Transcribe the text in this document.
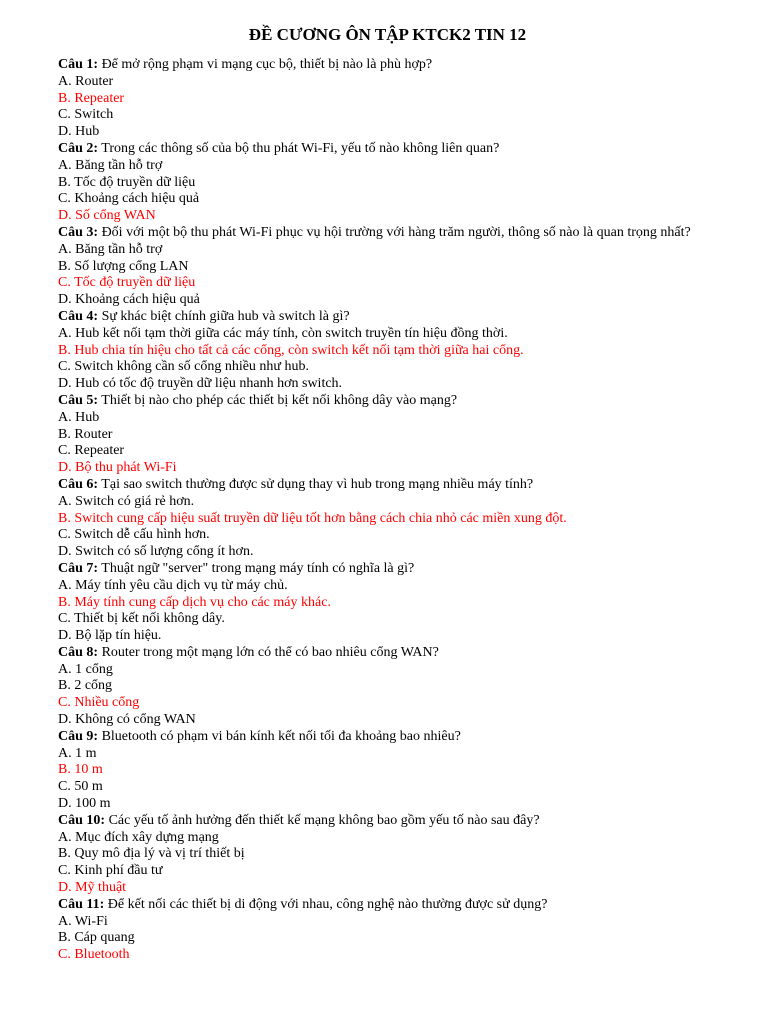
ĐỀ CƯƠNG ÔN TẬP KTCK2 TIN 12

Câu 1: Để mở rộng phạm vi mạng cục bộ, thiết bị nào là phù hợp?

A. Router

B. Repeater

C. Switch

D. Hub

Câu 2: Trong các thông số của bộ thu phát Wi-Fi, yếu tố nào không liên quan?

A. Băng tần hỗ trợ

B. Tốc độ truyền dữ liệu

C. Khoảng cách hiệu quả

D. Số cổng WAN

Câu 3: Đối với một bộ thu phát Wi-Fi phục vụ hội trường với hàng trăm người, thông số nào là quan trọng nhất?

A. Băng tần hỗ trợ

B. Số lượng cổng LAN

C. Tốc độ truyền dữ liệu

D. Khoảng cách hiệu quả

Câu 4: Sự khác biệt chính giữa hub và switch là gì?

A. Hub kết nối tạm thời giữa các máy tính, còn switch truyền tín hiệu đồng thời.

B. Hub chia tín hiệu cho tất cả các cổng, còn switch kết nối tạm thời giữa hai cổng.

C. Switch không cần số cổng nhiều như hub.

D. Hub có tốc độ truyền dữ liệu nhanh hơn switch.

Câu 5: Thiết bị nào cho phép các thiết bị kết nối không dây vào mạng?

A. Hub

B. Router

C. Repeater

D. Bộ thu phát Wi-Fi

Câu 6: Tại sao switch thường được sử dụng thay vì hub trong mạng nhiều máy tính?

A. Switch có giá rẻ hơn.

B. Switch cung cấp hiệu suất truyền dữ liệu tốt hơn bằng cách chia nhỏ các miền xung đột.

C. Switch dễ cấu hình hơn.

D. Switch có số lượng cổng ít hơn.

Câu 7: Thuật ngữ "server" trong mạng máy tính có nghĩa là gì?

A. Máy tính yêu cầu dịch vụ từ máy chủ.

B. Máy tính cung cấp dịch vụ cho các máy khác.

C. Thiết bị kết nối không dây.

D. Bộ lặp tín hiệu.

Câu 8: Router trong một mạng lớn có thể có bao nhiêu cổng WAN?

A. 1 cổng

B. 2 cổng

C. Nhiều cổng

D. Không có cổng WAN

Câu 9: Bluetooth có phạm vi bán kính kết nối tối đa khoảng bao nhiêu?

A. 1 m

B. 10 m

C. 50 m

D. 100 m

Câu 10: Các yếu tố ảnh hưởng đến thiết kế mạng không bao gồm yếu tố nào sau đây?

A. Mục đích xây dựng mạng

B. Quy mô địa lý và vị trí thiết bị

C. Kinh phí đầu tư

D. Mỹ thuật

Câu 11: Để kết nối các thiết bị di động với nhau, công nghệ nào thường được sử dụng?

A. Wi-Fi

B. Cáp quang

C. Bluetooth
